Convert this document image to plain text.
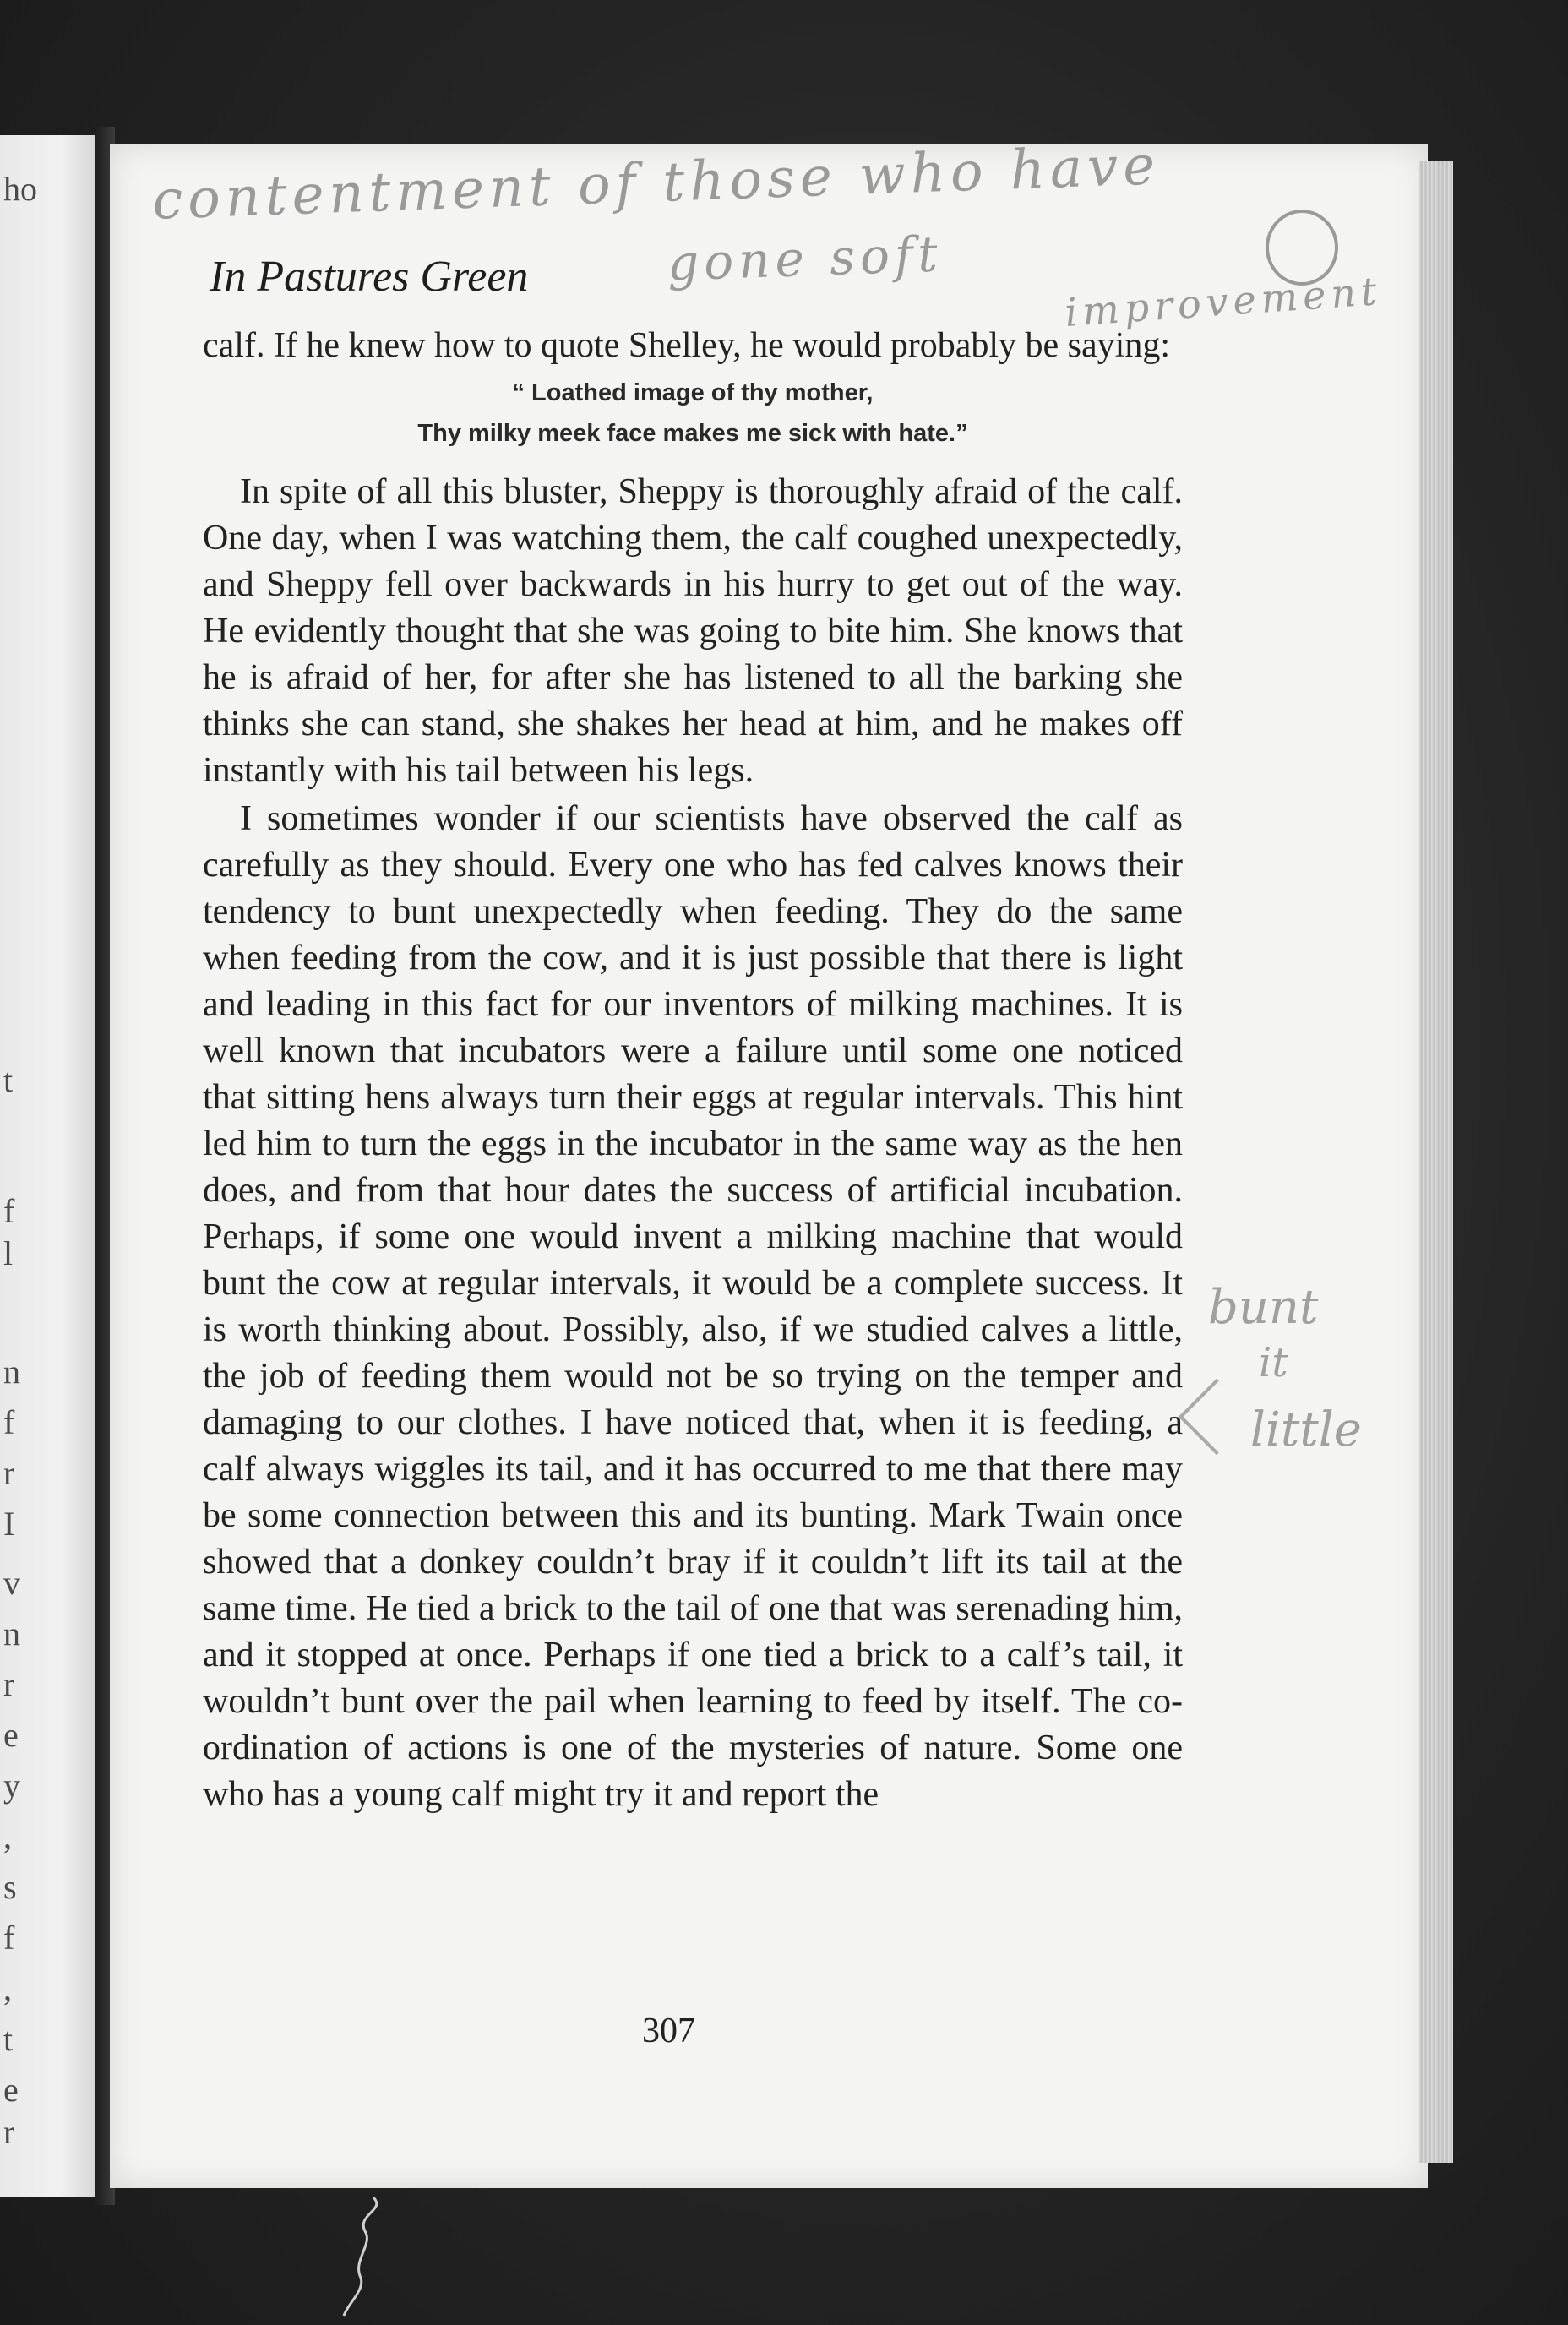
ho
t
f
l
n
f
r
I
v
n
r
e
y
,
s
f
,
t
e
r
contentment of those who have
gone soft
improvement
In Pastures Green

calf. If he knew how to quote Shelley, he would probably be saying:

“ Loathed image of thy mother,
Thy milky meek face makes me sick with hate.”

In spite of all this bluster, Sheppy is thoroughly afraid of the calf. One day, when I was watching them, the calf coughed unexpectedly, and Sheppy fell over backwards in his hurry to get out of the way. He evidently thought that she was going to bite him. She knows that he is afraid of her, for after she has listened to all the barking she thinks she can stand, she shakes her head at him, and he makes off instantly with his tail between his legs.

I sometimes wonder if our scientists have observed the calf as carefully as they should. Every one who has fed calves knows their tendency to bunt unexpectedly when feeding. They do the same when feeding from the cow, and it is just possible that there is light and leading in this fact for our inventors of milking machines. It is well known that incubators were a failure until some one noticed that sitting hens always turn their eggs at regular intervals. This hint led him to turn the eggs in the incubator in the same way as the hen does, and from that hour dates the success of artificial incubation. Perhaps, if some one would invent a milking machine that would bunt the cow at regular intervals, it would be a complete success. It is worth thinking about. Possibly, also, if we studied calves a little, the job of feeding them would not be so trying on the temper and damaging to our clothes. I have noticed that, when it is feeding, a calf always wiggles its tail, and it has occurred to me that there may be some connection between this and its bunting. Mark Twain once showed that a donkey couldn’t bray if it couldn’t lift its tail at the same time. He tied a brick to the tail of one that was serenading him, and it stopped at once. Perhaps if one tied a brick to a calf’s tail, it wouldn’t bunt over the pail when learning to feed by itself. The co-ordination of actions is one of the mysteries of nature. Some one who has a young calf might try it and report the

bunt
it
little
307
